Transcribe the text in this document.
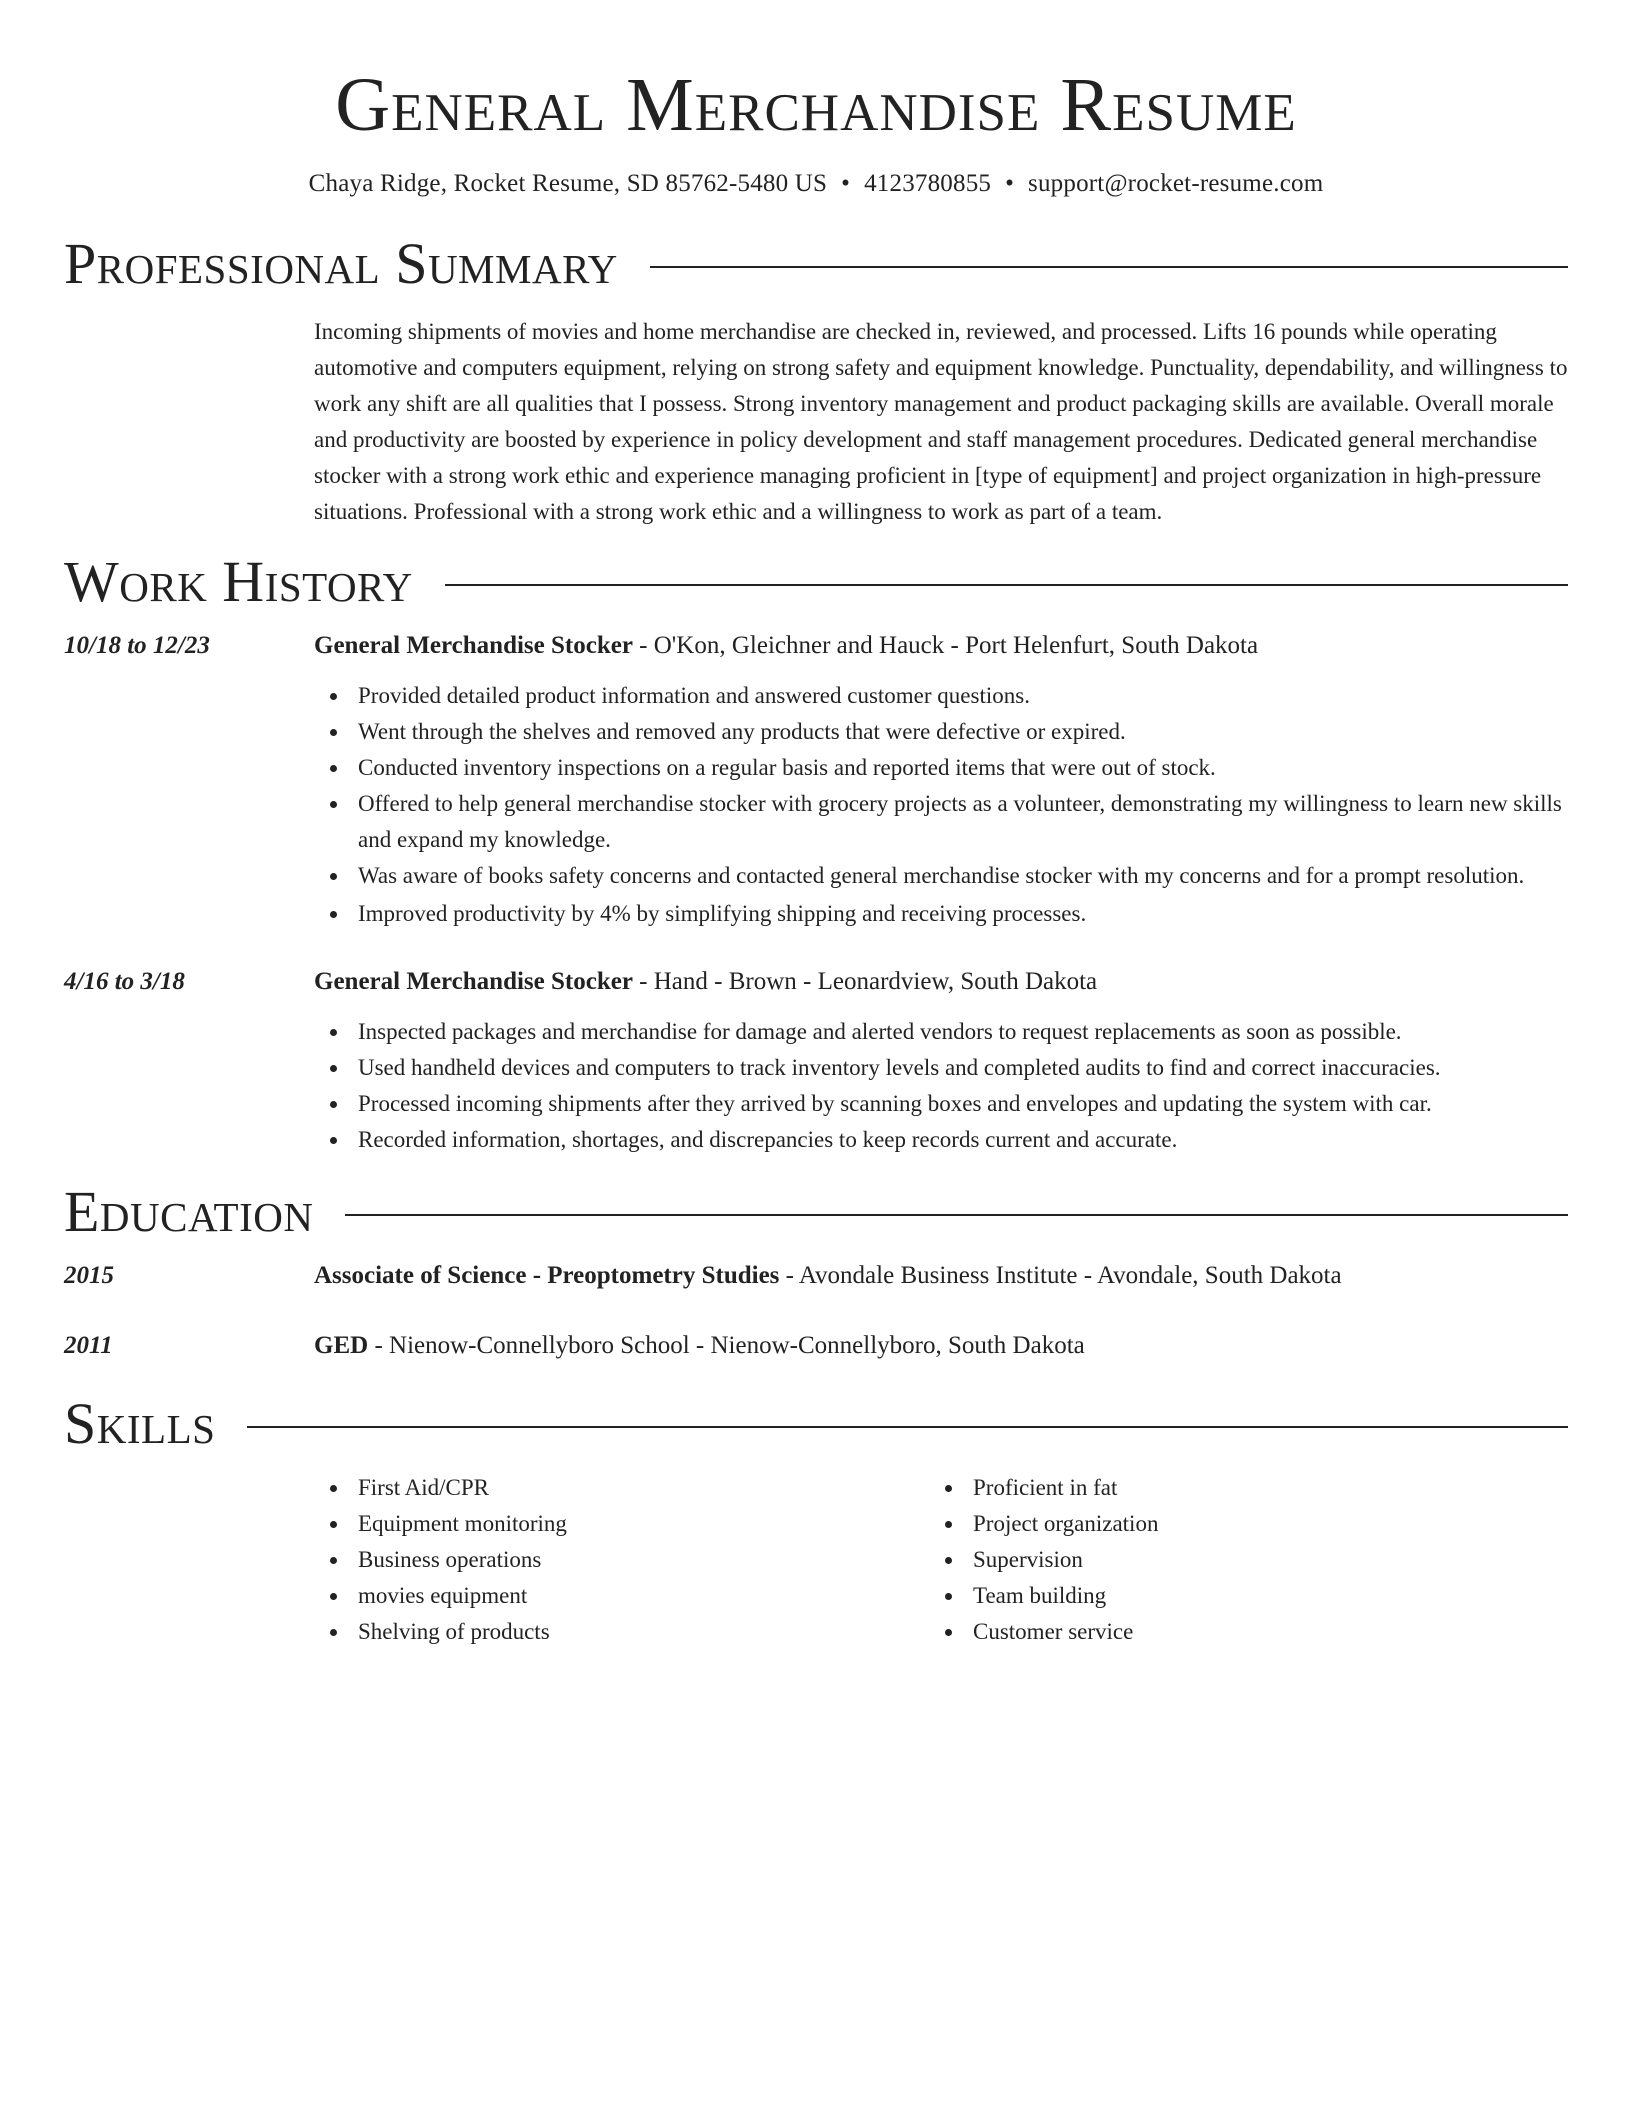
General Merchandise Resume
Chaya Ridge, Rocket Resume, SD 85762-5480 US • 4123780855 • support@rocket-resume.com
Professional Summary
Incoming shipments of movies and home merchandise are checked in, reviewed, and processed. Lifts 16 pounds while operating automotive and computers equipment, relying on strong safety and equipment knowledge. Punctuality, dependability, and willingness to work any shift are all qualities that I possess. Strong inventory management and product packaging skills are available. Overall morale and productivity are boosted by experience in policy development and staff management procedures. Dedicated general merchandise stocker with a strong work ethic and experience managing proficient in [type of equipment] and project organization in high-pressure situations. Professional with a strong work ethic and a willingness to work as part of a team.
Work History
10/18 to 12/23	General Merchandise Stocker - O'Kon, Gleichner and Hauck - Port Helenfurt, South Dakota
Provided detailed product information and answered customer questions.
Went through the shelves and removed any products that were defective or expired.
Conducted inventory inspections on a regular basis and reported items that were out of stock.
Offered to help general merchandise stocker with grocery projects as a volunteer, demonstrating my willingness to learn new skills and expand my knowledge.
Was aware of books safety concerns and contacted general merchandise stocker with my concerns and for a prompt resolution.
Improved productivity by 4% by simplifying shipping and receiving processes.
4/16 to 3/18	General Merchandise Stocker - Hand - Brown - Leonardview, South Dakota
Inspected packages and merchandise for damage and alerted vendors to request replacements as soon as possible.
Used handheld devices and computers to track inventory levels and completed audits to find and correct inaccuracies.
Processed incoming shipments after they arrived by scanning boxes and envelopes and updating the system with car.
Recorded information, shortages, and discrepancies to keep records current and accurate.
Education
2015	Associate of Science - Preoptometry Studies - Avondale Business Institute - Avondale, South Dakota
2011	GED - Nienow-Connellyboro School - Nienow-Connellyboro, South Dakota
Skills
First Aid/CPR
Equipment monitoring
Business operations
movies equipment
Shelving of products
Proficient in fat
Project organization
Supervision
Team building
Customer service
